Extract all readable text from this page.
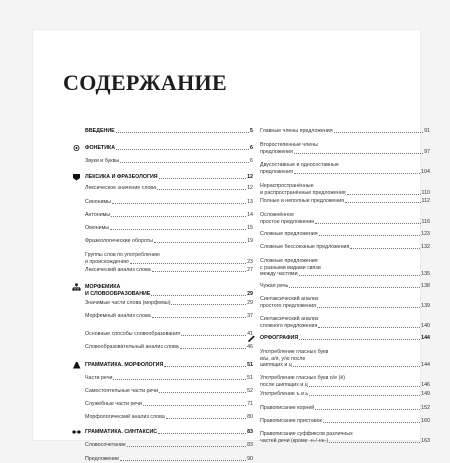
СОДЕРЖАНИЕ
ВВЕДЕНИЕ	5
ФОНЕТИКА	6
Звуки и буквы	6
ЛЕКСИКА И ФРАЗЕОЛОГИЯ	12
Лексическое значение слова	12
Синонимы	13
Антонимы	14
Омонимы	15
Фразеологические обороты	19
Группы слов по употреблению
и происхождению	23
Лексический анализ слова	27
МОРФЕМИКА
И СЛОВООБРАЗОВАНИЕ	29
Значимые части слова (морфемы)	29
Морфемный анализ слова	37
Основные способы словообразования	41
Словообразовательный анализ слова	46
ГРАММАТИКА. МОРФОЛОГИЯ	51
Части речи	51
Самостоятельные части речи	52
Служебные части речи	71
Морфологический анализ слова	80
ГРАММАТИКА. СИНТАКСИС	83
Словосочетание	83
Предложение	90
Главные члены предложения	91
Второстепенные члены
предложения	97
Двусоставные и односоставные
предложения	104
Нераспространённые
и распространённые предложения	110
Полные и неполные предложения	112
Осложнённое
простое предложение	116
Сложные предложения	123
Сложные бессоюзные предложения	132
Сложные предложения
с разными видами связи
между частями	135
Чужая речь	138
Синтаксический анализ
простого предложения	139
Синтаксический анализ
сложного предложения	140
ОРФОГРАФИЯ	144
Употребление гласных букв
и/ы, а/я, у/ю после
шипящих и ц	144
Употребление гласных букв о/е (ё)
после шипящих и ц	146
Употребление ъ и ь	149
Правописание корней	152
Правописание приставок	160
Правописание суффиксов различных
частей речи (кроме -н-/-нн-)	163
